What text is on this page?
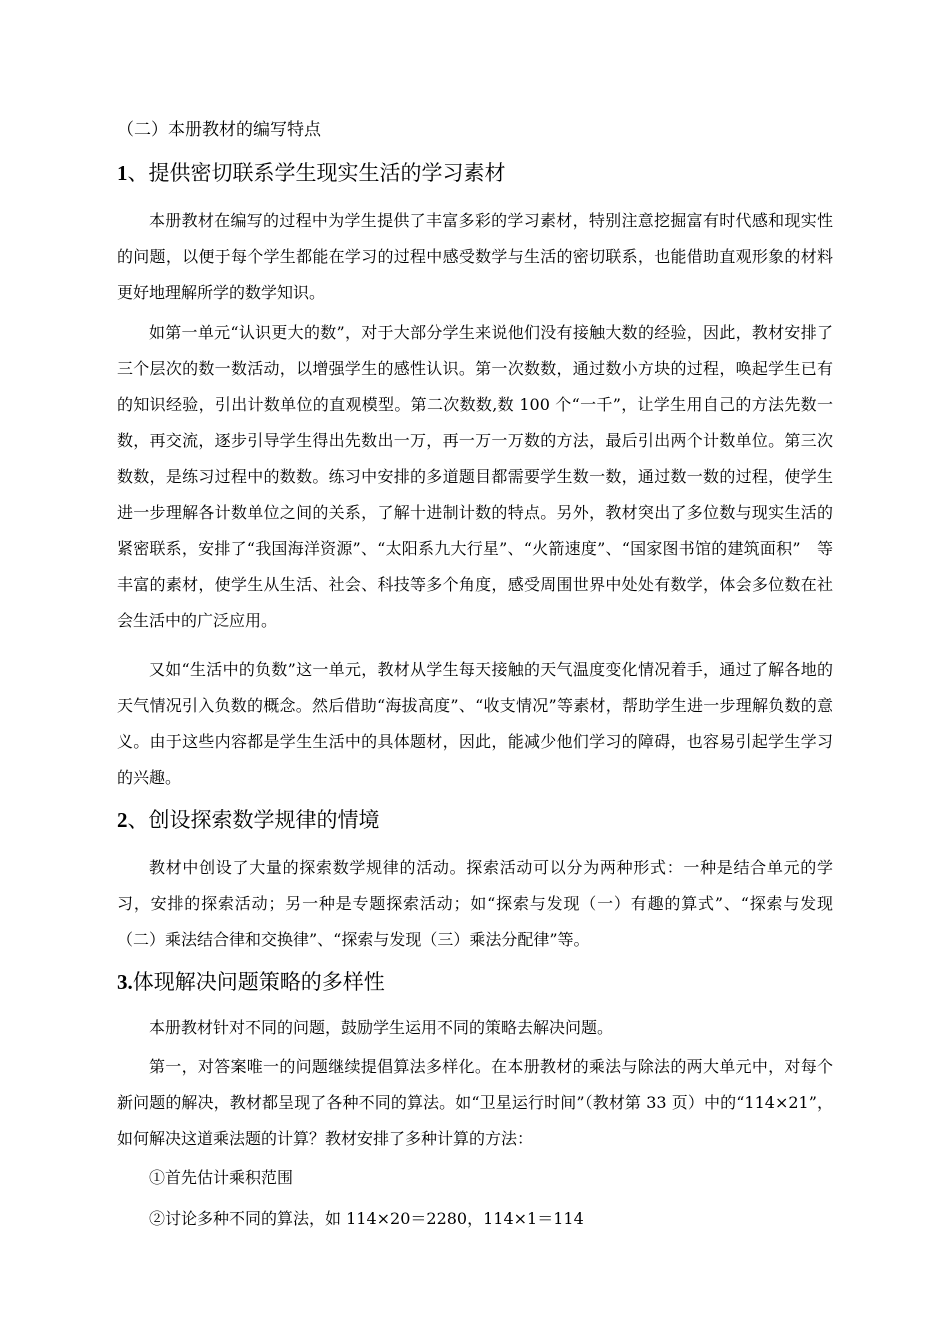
（二）本册教材的编写特点
1、提供密切联系学生现实生活的学习素材

本册教材在编写的过程中为学生提供了丰富多彩的学习素材，特别注意挖掘富有时代感和现实性的问题，以便于每个学生都能在学习的过程中感受数学与生活的密切联系，也能借助直观形象的材料更好地理解所学的数学知识。

如第一单元“认识更大的数”，对于大部分学生来说他们没有接触大数的经验，因此，教材安排了三个层次的数一数活动，以增强学生的感性认识。第一次数数，通过数小方块的过程，唤起学生已有的知识经验，引出计数单位的直观模型。第二次数数,数 100 个“一千”，让学生用自己的方法先数一数，再交流，逐步引导学生得出先数出一万，再一万一万数的方法，最后引出两个计数单位。第三次数数，是练习过程中的数数。练习中安排的多道题目都需要学生数一数，通过数一数的过程，使学生进一步理解各计数单位之间的关系，了解十进制计数的特点。另外，教材突出了多位数与现实生活的紧密联系，安排了“我国海洋资源”、“太阳系九大行星”、“火箭速度”、“国家图书馆的建筑面积”　等丰富的素材，使学生从生活、社会、科技等多个角度，感受周围世界中处处有数学，体会多位数在社会生活中的广泛应用。

又如“生活中的负数”这一单元，教材从学生每天接触的天气温度变化情况着手，通过了解各地的天气情况引入负数的概念。然后借助“海拔高度”、“收支情况”等素材，帮助学生进一步理解负数的意义。由于这些内容都是学生生活中的具体题材，因此，能减少他们学习的障碍，也容易引起学生学习的兴趣。

2、创设探索数学规律的情境

教材中创设了大量的探索数学规律的活动。探索活动可以分为两种形式：一种是结合单元的学习，安排的探索活动；另一种是专题探索活动；如“探索与发现（一）有趣的算式”、“探索与发现（二）乘法结合律和交换律”、“探索与发现（三）乘法分配律”等。

3.体现解决问题策略的多样性

本册教材针对不同的问题，鼓励学生运用不同的策略去解决问题。

第一，对答案唯一的问题继续提倡算法多样化。在本册教材的乘法与除法的两大单元中，对每个新问题的解决，教材都呈现了各种不同的算法。如“卫星运行时间”（教材第 33 页）中的“114×21”，如何解决这道乘法题的计算？教材安排了多种计算的方法：

①首先估计乘积范围
②讨论多种不同的算法，如 114×20＝2280，114×1＝114
